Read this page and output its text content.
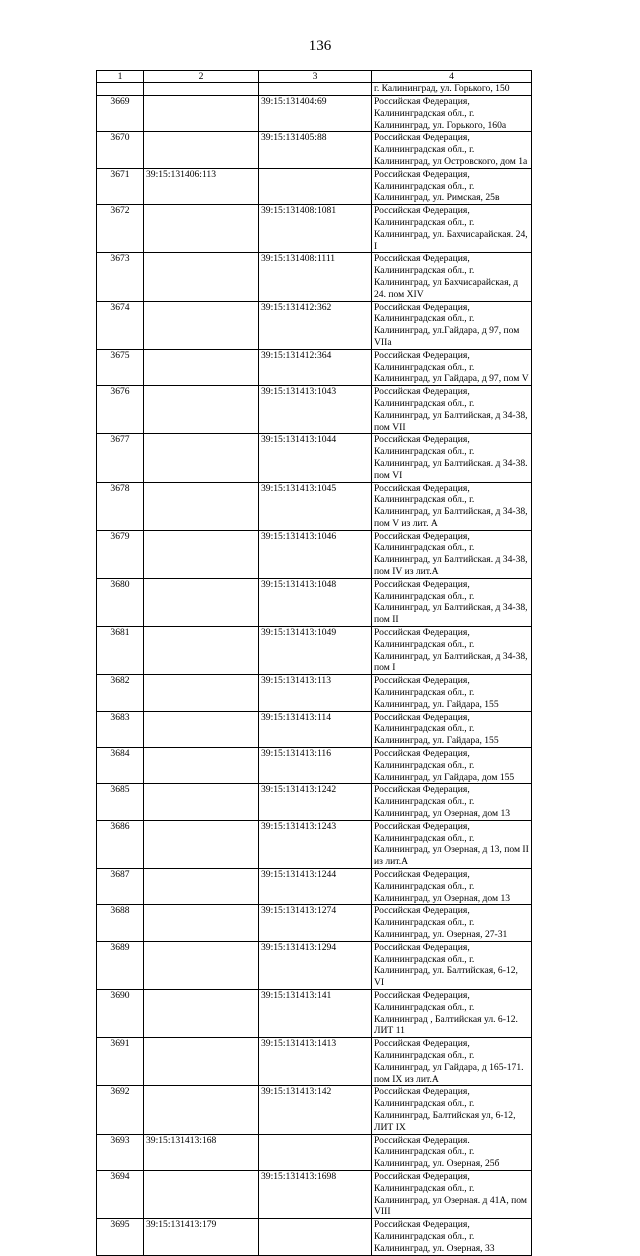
136
1	2	3	4
			г. Калининград, ул. Горького, 150
3669		39:15:131404:69	Российская Федерация, Калининградская обл., г. Калининград, ул. Горького, 160а
3670		39:15:131405:88	Российская Федерация, Калининградская обл., г. Калининград, ул Островского, дом 1а
3671	39:15:131406:113		Российская Федерация, Калининградская обл., г. Калининград, ул. Римская, 25в
3672		39:15:131408:1081	Российская Федерация, Калининградская обл., г. Калининград, ул. Бахчисарайская. 24, I
3673		39:15:131408:1111	Российская Федерация, Калининградская обл., г. Калининград, ул Бахчисарайская, д 24. пом XIV
3674		39:15:131412:362	Российская Федерация, Калининградская обл., г. Калининград, ул.Гайдара, д 97, пом VIIa
3675		39:15:131412:364	Российская Федерация, Калининградская обл., г. Калининград, ул Гайдара, д 97, пом V
3676		39:15:131413:1043	Российская Федерация, Калининградская обл., г. Калининград, ул Балтийская, д 34-38, пом VII
3677		39:15:131413:1044	Российская Федерация, Калининградская обл., г. Калининград, ул Балтийская. д 34-38. пом VI
3678		39:15:131413:1045	Российская Федерация, Калининградская обл., г. Калининград, ул Балтийская, д 34-38, пом V из лит. А
3679		39:15:131413:1046	Российская Федерация, Калининградская обл., г. Калининград, ул Балтийская. д 34-38, пом IV из лит.А
3680		39:15:131413:1048	Российская Федерация, Калининградская обл., г. Калининград, ул Балтийская, д 34-38, пом II
3681		39:15:131413:1049	Российская Федерация, Калининградская обл., г. Калининград, ул Балтийская, д 34-38, пом I
3682		39:15:131413:113	Российская Федерация, Калининградская обл., г. Калининград, ул. Гайдара, 155
3683		39:15:131413:114	Российская Федерация, Калининградская обл., г. Калининград, ул. Гайдара, 155
3684		39:15:131413:116	Российская Федерация, Калининградская обл., г. Калининград, ул Гайдара, дом 155
3685		39:15:131413:1242	Российская Федерация, Калининградская обл., г. Калининград, ул Озерная, дом 13
3686		39:15:131413:1243	Российская Федерация, Калининградская обл., г. Калининград, ул Озерная, д 13, пом II из лит.А
3687		39:15:131413:1244	Российская Федерация, Калининградская обл., г. Калининград, ул Озерная, дом 13
3688		39:15:131413:1274	Российская Федерация, Калининградская обл., г. Калининград, ул. Озерная, 27-31
3689		39:15:131413:1294	Российская Федерация, Калининградская обл., г. Калининград, ул. Балтийская, 6-12, VI
3690		39:15:131413:141	Российская Федерация, Калининградская обл., г. Калининград , Балтийская ул. 6-12. ЛИТ 11
3691		39:15:131413:1413	Российская Федерация, Калининградская обл., г. Калининград, ул Гайдара, д 165-171. пом IX из лит.А
3692		39:15:131413:142	Российская Федерация, Калининградская обл., г. Калининград, Балтийская ул, 6-12, ЛИТ IX
3693	39:15:131413:168		Российская Федерация. Калининградская обл., г. Калининград, ул. Озерная, 25б
3694		39:15:131413:1698	Российская Федерация, Калининградская обл., г. Калининград, ул Озерная. д 41А, пом VIII
3695	39:15:131413:179		Российская Федерация, Калининградская обл., г. Калининград, ул. Озерная, 33
